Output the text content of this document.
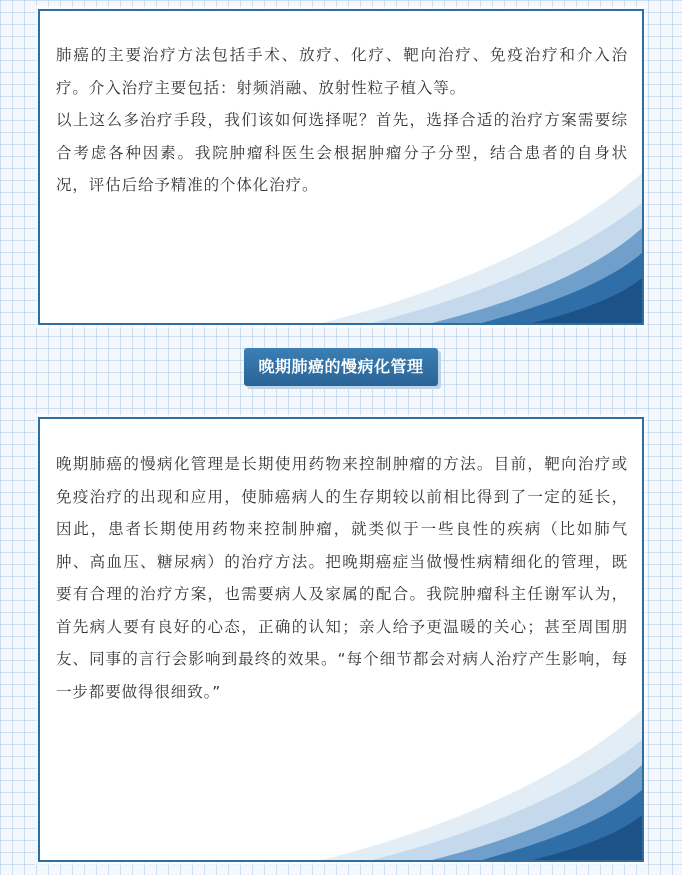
肺癌的主要治疗方法包括手术、放疗、化疗、靶向治疗、免疫治疗和介入治疗。介入治疗主要包括：射频消融、放射性粒子植入等。

以上这么多治疗手段，我们该如何选择呢？首先，选择合适的治疗方案需要综合考虑各种因素。我院肿瘤科医生会根据肿瘤分子分型，结合患者的自身状况，评估后给予精准的个体化治疗。

晚期肺癌的慢病化管理

晚期肺癌的慢病化管理是长期使用药物来控制肿瘤的方法。目前，靶向治疗或免疫治疗的出现和应用，使肺癌病人的生存期较以前相比得到了一定的延长，因此，患者长期使用药物来控制肿瘤，就类似于一些良性的疾病（比如肺气肿、高血压、糖尿病）的治疗方法。把晚期癌症当做慢性病精细化的管理，既要有合理的治疗方案，也需要病人及家属的配合。我院肿瘤科主任谢军认为，首先病人要有良好的心态，正确的认知；亲人给予更温暖的关心；甚至周围朋友、同事的言行会影响到最终的效果。“每个细节都会对病人治疗产生影响，每一步都要做得很细致。”
